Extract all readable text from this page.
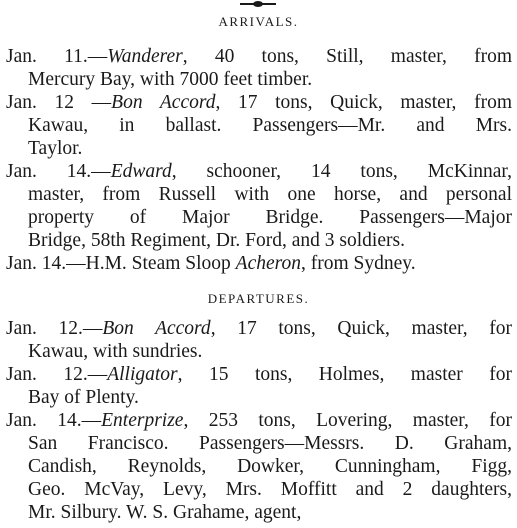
ARRIVALS.
Jan. 11.—Wanderer, 40 tons, Still, master, from
Mercury Bay, with 7000 feet timber.
Jan. 12 —Bon Accord, 17 tons, Quick, master, from
Kawau, in ballast. Passengers—Mr. and Mrs.
Taylor.
Jan. 14.—Edward, schooner, 14 tons, McKinnar,
master, from Russell with one horse, and personal
property of Major Bridge. Passengers—Major
Bridge, 58th Regiment, Dr. Ford, and 3 soldiers.
Jan. 14.—H.M. Steam Sloop Acheron, from Sydney.
DEPARTURES.
Jan. 12.—Bon Accord, 17 tons, Quick, master, for
Kawau, with sundries.
Jan. 12.—Alligator, 15 tons, Holmes, master for
Bay of Plenty.
Jan. 14.—Enterprize, 253 tons, Lovering, master, for
San Francisco. Passengers—Messrs. D. Graham,
Candish, Reynolds, Dowker, Cunningham, Figg,
Geo. McVay, Levy, Mrs. Moffitt and 2 daughters,
Mr. Silbury. W. S. Grahame, agent,
